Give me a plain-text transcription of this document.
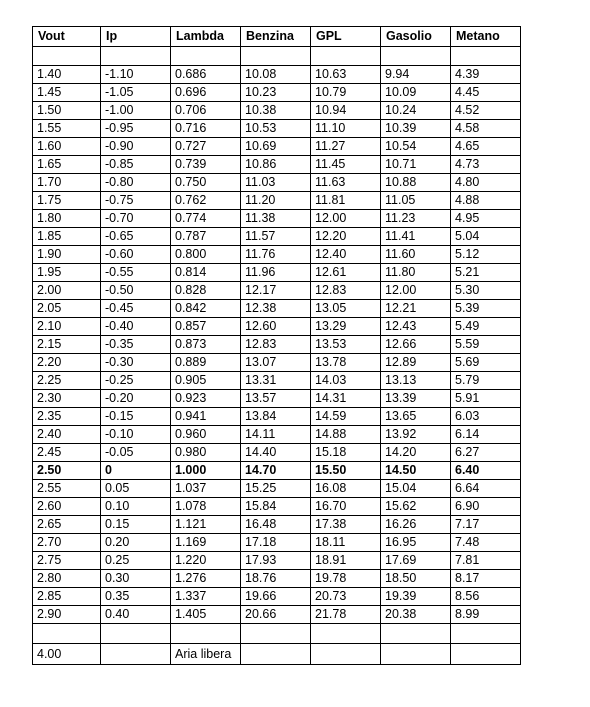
Vout	Ip	Lambda	Benzina	GPL	Gasolio	Metano

1.40	-1.10	0.686	10.08	10.63	9.94	4.39
1.45	-1.05	0.696	10.23	10.79	10.09	4.45
1.50	-1.00	0.706	10.38	10.94	10.24	4.52
1.55	-0.95	0.716	10.53	11.10	10.39	4.58
1.60	-0.90	0.727	10.69	11.27	10.54	4.65
1.65	-0.85	0.739	10.86	11.45	10.71	4.73
1.70	-0.80	0.750	11.03	11.63	10.88	4.80
1.75	-0.75	0.762	11.20	11.81	11.05	4.88
1.80	-0.70	0.774	11.38	12.00	11.23	4.95
1.85	-0.65	0.787	11.57	12.20	11.41	5.04
1.90	-0.60	0.800	11.76	12.40	11.60	5.12
1.95	-0.55	0.814	11.96	12.61	11.80	5.21
2.00	-0.50	0.828	12.17	12.83	12.00	5.30
2.05	-0.45	0.842	12.38	13.05	12.21	5.39
2.10	-0.40	0.857	12.60	13.29	12.43	5.49
2.15	-0.35	0.873	12.83	13.53	12.66	5.59
2.20	-0.30	0.889	13.07	13.78	12.89	5.69
2.25	-0.25	0.905	13.31	14.03	13.13	5.79
2.30	-0.20	0.923	13.57	14.31	13.39	5.91
2.35	-0.15	0.941	13.84	14.59	13.65	6.03
2.40	-0.10	0.960	14.11	14.88	13.92	6.14
2.45	-0.05	0.980	14.40	15.18	14.20	6.27
2.50	0	1.000	14.70	15.50	14.50	6.40
2.55	0.05	1.037	15.25	16.08	15.04	6.64
2.60	0.10	1.078	15.84	16.70	15.62	6.90
2.65	0.15	1.121	16.48	17.38	16.26	7.17
2.70	0.20	1.169	17.18	18.11	16.95	7.48
2.75	0.25	1.220	17.93	18.91	17.69	7.81
2.80	0.30	1.276	18.76	19.78	18.50	8.17
2.85	0.35	1.337	19.66	20.73	19.39	8.56
2.90	0.40	1.405	20.66	21.78	20.38	8.99

4.00		Aria libera				
